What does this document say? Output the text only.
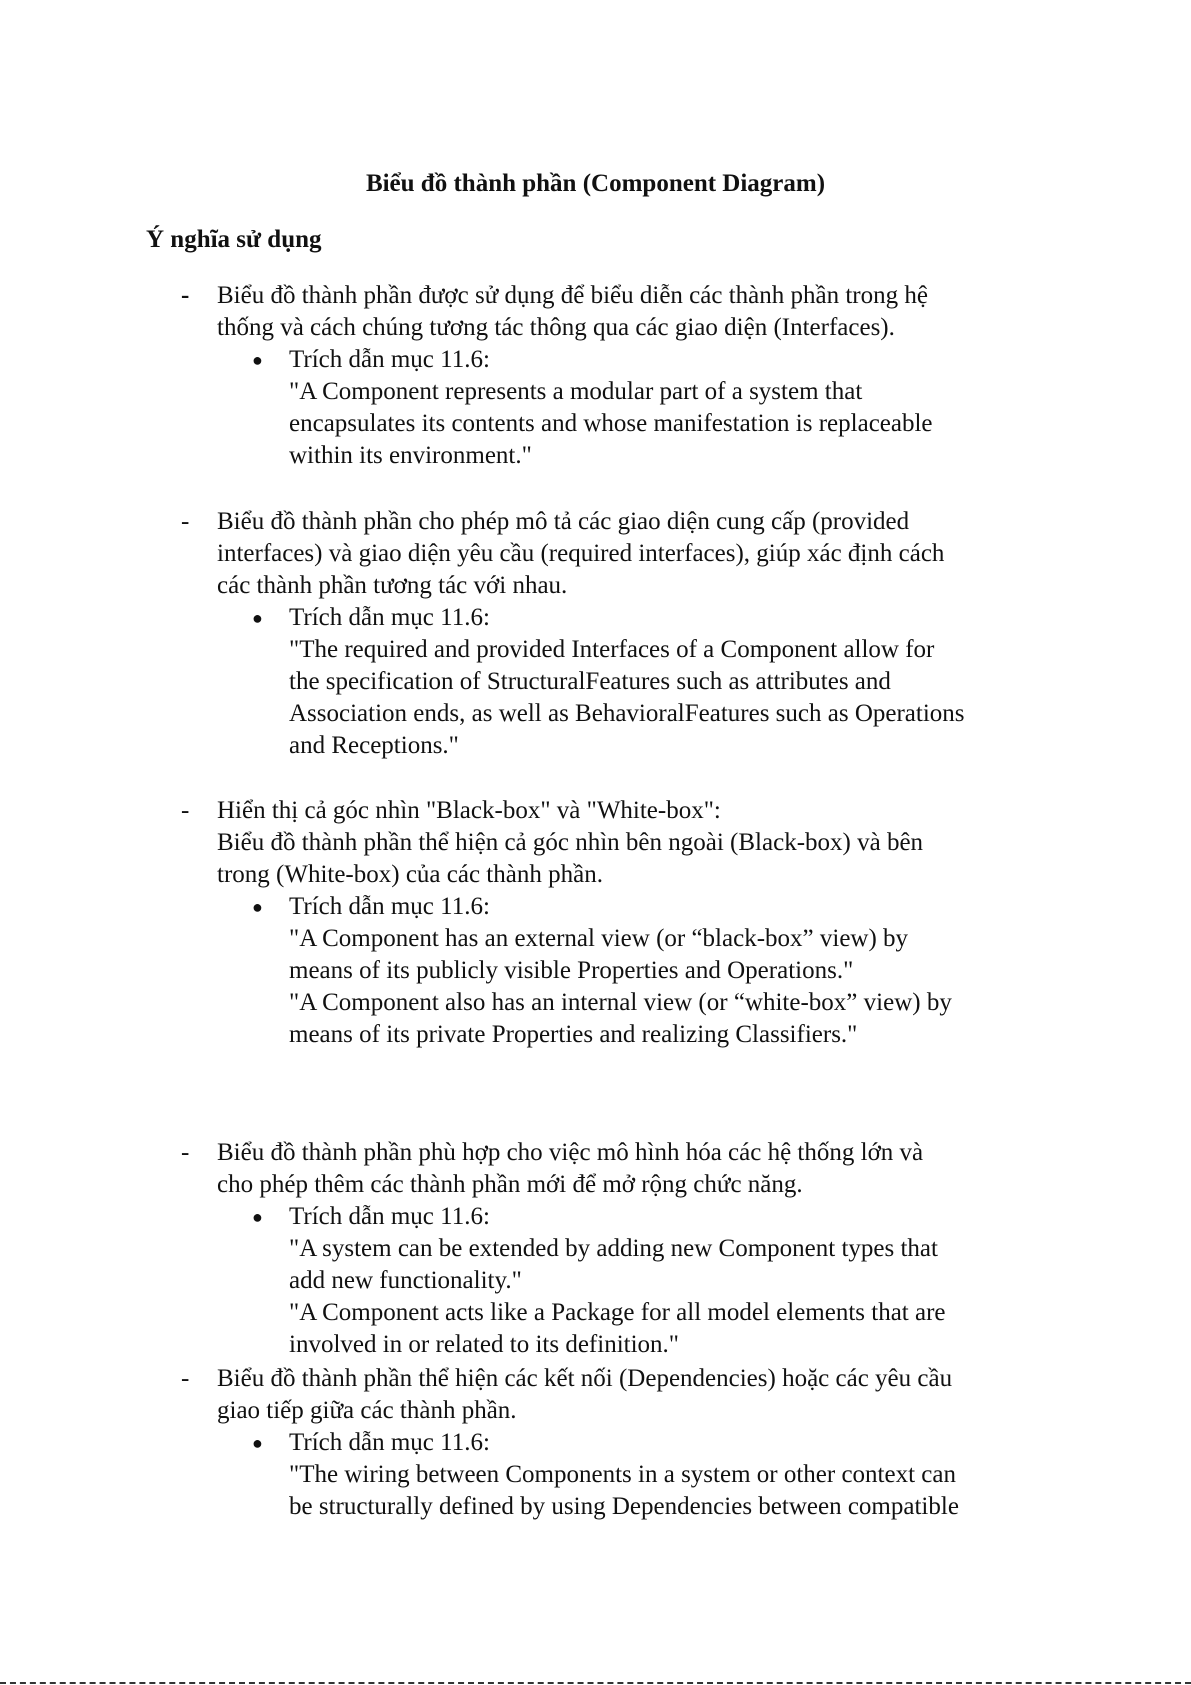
Biểu đồ thành phần (Component Diagram)
Ý nghĩa sử dụng
- Biểu đồ thành phần được sử dụng để biểu diễn các thành phần trong hệ

thống và cách chúng tương tác thông qua các giao diện (Interfaces).

● Trích dẫn mục 11.6:

"A Component represents a modular part of a system that

encapsulates its contents and whose manifestation is replaceable

within its environment."

- Biểu đồ thành phần cho phép mô tả các giao diện cung cấp (provided

interfaces) và giao diện yêu cầu (required interfaces), giúp xác định cách

các thành phần tương tác với nhau.

● Trích dẫn mục 11.6:

"The required and provided Interfaces of a Component allow for

the specification of StructuralFeatures such as attributes and

Association ends, as well as BehavioralFeatures such as Operations

and Receptions."

- Hiển thị cả góc nhìn "Black-box" và "White-box":

Biểu đồ thành phần thể hiện cả góc nhìn bên ngoài (Black-box) và bên

trong (White-box) của các thành phần.

● Trích dẫn mục 11.6:

"A Component has an external view (or “black-box” view) by

means of its publicly visible Properties and Operations."

"A Component also has an internal view (or “white-box” view) by

means of its private Properties and realizing Classifiers."

- Biểu đồ thành phần phù hợp cho việc mô hình hóa các hệ thống lớn và

cho phép thêm các thành phần mới để mở rộng chức năng.

● Trích dẫn mục 11.6:

"A system can be extended by adding new Component types that

add new functionality."

"A Component acts like a Package for all model elements that are

involved in or related to its definition."

- Biểu đồ thành phần thể hiện các kết nối (Dependencies) hoặc các yêu cầu

giao tiếp giữa các thành phần.

● Trích dẫn mục 11.6:

"The wiring between Components in a system or other context can

be structurally defined by using Dependencies between compatible
